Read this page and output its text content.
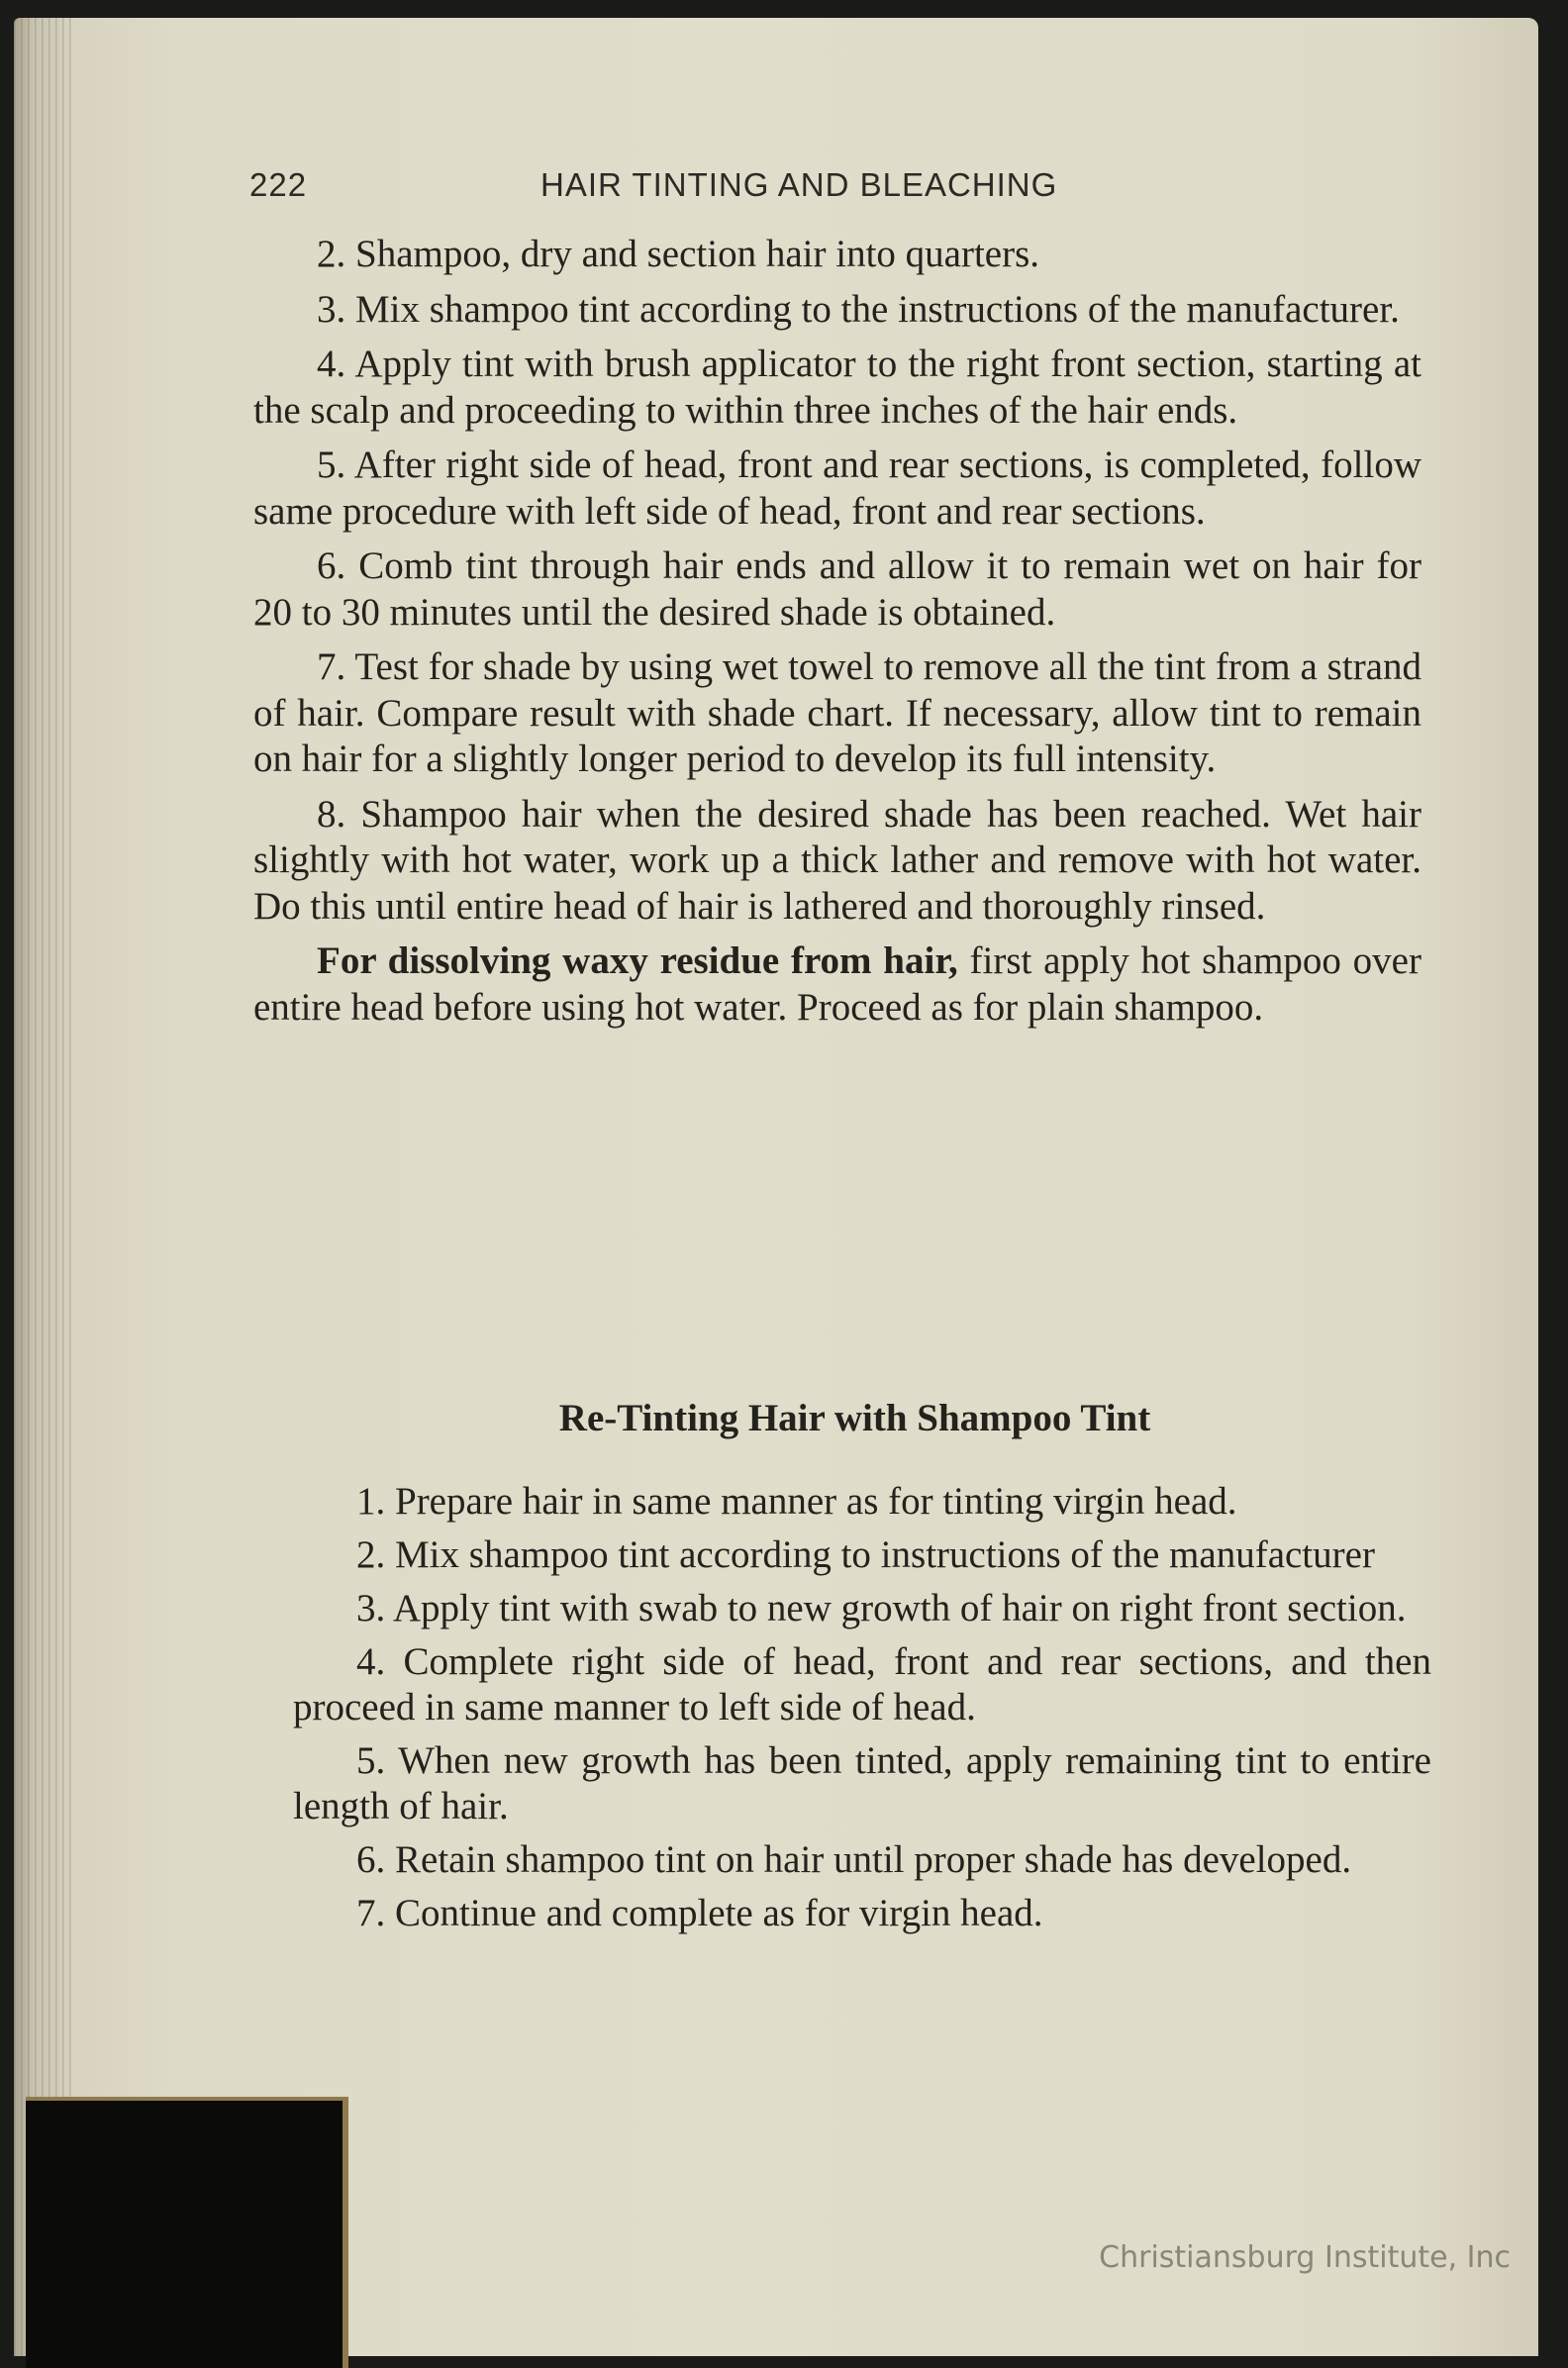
222	HAIR TINTING AND BLEACHING

2. Shampoo, dry and section hair into quarters.

3. Mix shampoo tint according to the instructions of the manufacturer.

4. Apply tint with brush applicator to the right front section, starting at the scalp and proceeding to within three inches of the hair ends.

5. After right side of head, front and rear sections, is completed, follow same procedure with left side of head, front and rear sections.

6. Comb tint through hair ends and allow it to remain wet on hair for 20 to 30 minutes until the desired shade is obtained.

7. Test for shade by using wet towel to remove all the tint from a strand of hair. Compare result with shade chart. If necessary, allow tint to remain on hair for a slightly longer period to develop its full intensity.

8. Shampoo hair when the desired shade has been reached. Wet hair slightly with hot water, work up a thick lather and remove with hot water. Do this until entire head of hair is lathered and thoroughly rinsed.

For dissolving waxy residue from hair, first apply hot shampoo over entire head before using hot water. Proceed as for plain shampoo.

Re-Tinting Hair with Shampoo Tint

1. Prepare hair in same manner as for tinting virgin head.

2. Mix shampoo tint according to instructions of the manufacturer

3. Apply tint with swab to new growth of hair on right front section.

4. Complete right side of head, front and rear sections, and then proceed in same manner to left side of head.

5. When new growth has been tinted, apply remaining tint to entire length of hair.

6. Retain shampoo tint on hair until proper shade has developed.

7. Continue and complete as for virgin head.

Christiansburg Institute, Inc
